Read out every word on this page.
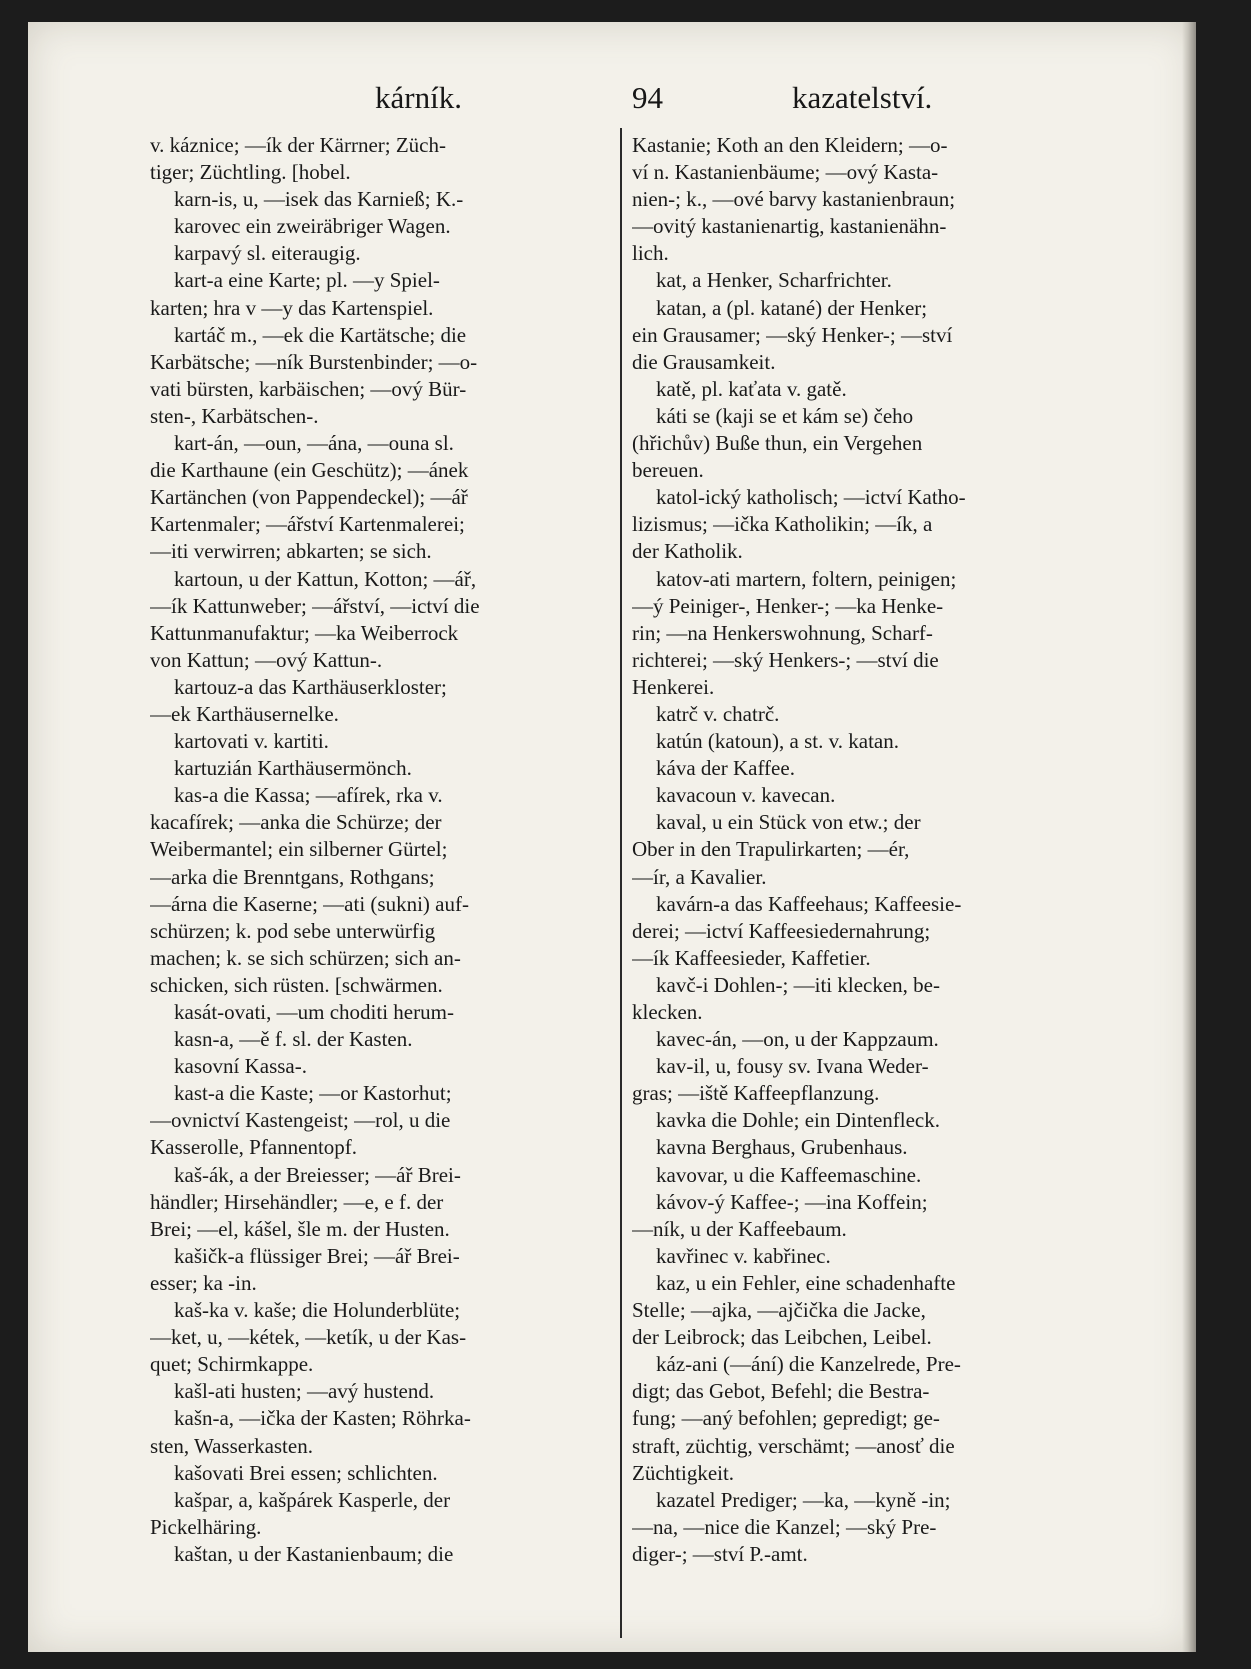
kárník.	94	kazatelství.
v. káznice; —ík der Kärrner; Züch-
tiger; Züchtling. [hobel.
karn-is, u, —isek das Karnieß; K.-
karovec ein zweiräbriger Wagen.
karpavý sl. eiteraugig.
kart-a eine Karte; pl. —y Spiel-
karten; hra v —y das Kartenspiel.
kartáč m., —ek die Kartätsche; die
Karbätsche; —ník Burstenbinder; —o-
vati bürsten, karbäischen; —ový Bür-
sten-, Karbätschen-.
kart-án, —oun, —ána, —ouna sl.
die Karthaune (ein Geschütz); —ánek
Kartänchen (von Pappendeckel); —ář
Kartenmaler; —ářství Kartenmalerei;
—iti verwirren; abkarten; se sich.
kartoun, u der Kattun, Kotton; —ář,
—ík Kattunweber; —ářství, —ictví die
Kattunmanufaktur; —ka Weiberrock
von Kattun; —ový Kattun-.
kartouz-a das Karthäuserkloster;
—ek Karthäusernelke.
kartovati v. kartiti.
kartuzián Karthäusermönch.
kas-a die Kassa; —afírek, rka v.
kacafírek; —anka die Schürze; der
Weibermantel; ein silberner Gürtel;
—arka die Brenntgans, Rothgans;
—árna die Kaserne; —ati (sukni) auf-
schürzen; k. pod sebe unterwürfig
machen; k. se sich schürzen; sich an-
schicken, sich rüsten. [schwärmen.
kasát-ovati, —um choditi herum-
kasn-a, —ě f. sl. der Kasten.
kasovní Kassa-.
kast-a die Kaste; —or Kastorhut;
—ovnictví Kastengeist; —rol, u die
Kasserolle, Pfannentopf.
kaš-ák, a der Breiesser; —ář Brei-
händler; Hirsehändler; —e, e f. der
Brei; —el, kášel, šle m. der Husten.
kašičk-a flüssiger Brei; —ář Brei-
esser; ka -in.
kaš-ka v. kaše; die Holunderblüte;
—ket, u, —kétek, —ketík, u der Kas-
quet; Schirmkappe.
kašl-ati husten; —avý hustend.
kašn-a, —ička der Kasten; Röhrka-
sten, Wasserkasten.
kašovati Brei essen; schlichten.
kašpar, a, kašpárek Kasperle, der
Pickelhäring.
kaštan, u der Kastanienbaum; die
Kastanie; Koth an den Kleidern; —o-
ví n. Kastanienbäume; —ový Kasta-
nien-; k., —ové barvy kastanienbraun;
—ovitý kastanienartig, kastanienähn-
lich.
kat, a Henker, Scharfrichter.
katan, a (pl. katané) der Henker;
ein Grausamer; —ský Henker-; —ství
die Grausamkeit.
katě, pl. kaťata v. gatě.
káti se (kaji se et kám se) čeho
(hřichův) Buße thun, ein Vergehen
bereuen.
katol-ický katholisch; —ictví Katho-
lizismus; —ička Katholikin; —ík, a
der Katholik.
katov-ati martern, foltern, peinigen;
—ý Peiniger-, Henker-; —ka Henke-
rin; —na Henkerswohnung, Scharf-
richterei; —ský Henkers-; —ství die
Henkerei.
katrč v. chatrč.
katún (katoun), a st. v. katan.
káva der Kaffee.
kavacoun v. kavecan.
kaval, u ein Stück von etw.; der
Ober in den Trapulirkarten; —ér,
—ír, a Kavalier.
kavárn-a das Kaffeehaus; Kaffeesie-
derei; —ictví Kaffeesiedernahrung;
—ík Kaffeesieder, Kaffetier.
kavč-i Dohlen-; —iti klecken, be-
klecken.
kavec-án, —on, u der Kappzaum.
kav-il, u, fousy sv. Ivana Weder-
gras; —iště Kaffeepflanzung.
kavka die Dohle; ein Dintenfleck.
kavna Berghaus, Grubenhaus.
kavovar, u die Kaffeemaschine.
kávov-ý Kaffee-; —ina Koffein;
—ník, u der Kaffeebaum.
kavřinec v. kabřinec.
kaz, u ein Fehler, eine schadenhafte
Stelle; —ajka, —ajčička die Jacke,
der Leibrock; das Leibchen, Leibel.
káz-ani (—ání) die Kanzelrede, Pre-
digt; das Gebot, Befehl; die Bestra-
fung; —aný befohlen; gepredigt; ge-
straft, züchtig, verschämt; —anosť die
Züchtigkeit.
kazatel Prediger; —ka, —kyně -in;
—na, —nice die Kanzel; —ský Pre-
diger-; —ství P.-amt.
